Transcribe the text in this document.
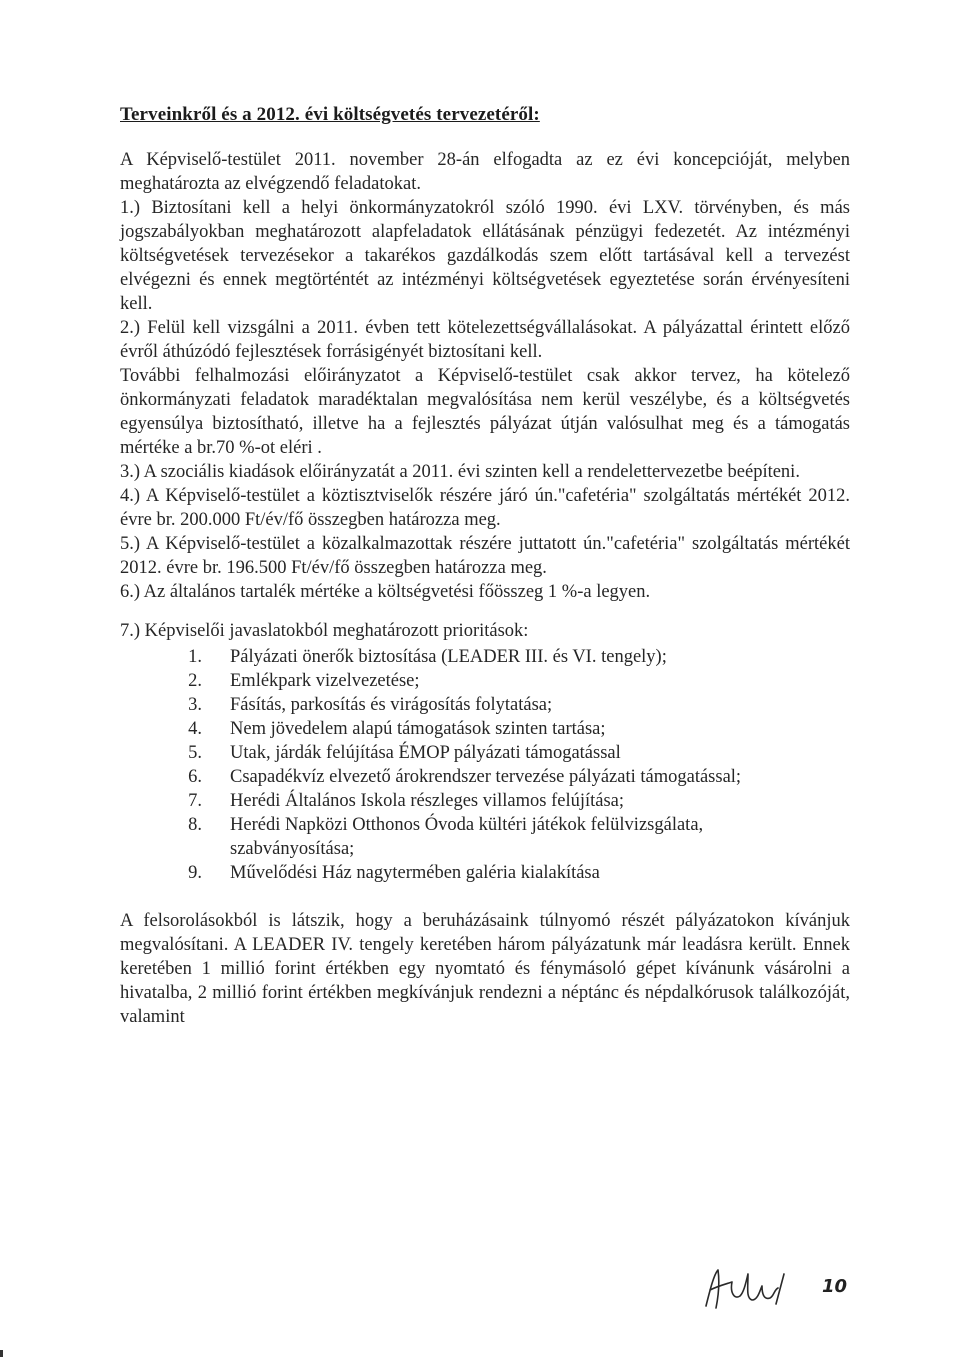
Terveinkről és a 2012. évi költségvetés tervezetéről:

A Képviselő-testület 2011. november 28-án elfogadta az ez évi koncepcióját, melyben meghatározta az elvégzendő feladatokat.

1.) Biztosítani kell a helyi önkormányzatokról szóló 1990. évi LXV. törvényben, és más jogszabályokban meghatározott alapfeladatok ellátásának pénzügyi fedezetét. Az intézményi költségvetések tervezésekor a takarékos gazdálkodás szem előtt tartásával kell a tervezést elvégezni és ennek megtörténtét az intézményi költségvetések egyeztetése során érvényesíteni kell.

2.) Felül kell vizsgálni a 2011. évben tett kötelezettségvállalásokat. A pályázattal érintett előző évről áthúzódó fejlesztések forrásigényét biztosítani kell.

További felhalmozási előirányzatot a Képviselő-testület csak akkor tervez, ha kötelező önkormányzati feladatok maradéktalan megvalósítása nem kerül veszélybe, és a költségvetés egyensúlya biztosítható, illetve ha a fejlesztés pályázat útján valósulhat meg és a támogatás mértéke a br.70 %-ot eléri .

3.) A szociális kiadások előirányzatát a 2011. évi szinten kell a rendelettervezetbe beépíteni.

4.) A Képviselő-testület a köztisztviselők részére járó ún."cafetéria" szolgáltatás mértékét 2012. évre br. 200.000 Ft/év/fő összegben határozza meg.

5.) A Képviselő-testület a közalkalmazottak részére juttatott ún."cafetéria" szolgáltatás mértékét 2012. évre br. 196.500 Ft/év/fő összegben határozza meg.

6.) Az általános tartalék mértéke a költségvetési főösszeg 1 %-a legyen.

7.) Képviselői javaslatokból meghatározott prioritások:

1.	Pályázati önerők biztosítása (LEADER III. és VI. tengely);
2.	Emlékpark vizelvezetése;
3.	Fásítás, parkosítás és virágosítás folytatása;
4.	Nem jövedelem alapú támogatások szinten tartása;
5.	Utak, járdák felújítása ÉMOP pályázati támogatással
6.	Csapadékvíz elvezető árokrendszer tervezése pályázati támogatással;
7.	Herédi Általános Iskola részleges villamos felújítása;
8.	Herédi Napközi Otthonos Óvoda kültéri játékok felülvizsgálata, szabványosítása;
9.	Művelődési Ház nagytermében galéria kialakítása

A felsorolásokból is látszik, hogy a beruházásaink túlnyomó részét pályázatokon kívánjuk megvalósítani. A LEADER IV. tengely keretében három pályázatunk már leadásra került. Ennek keretében 1 millió forint értékben egy nyomtató és fénymásoló gépet kívánunk vásárolni a hivatalba, 2 millió forint értékben megkívánjuk rendezni a néptánc és népdalkórusok találkozóját, valamint

10
